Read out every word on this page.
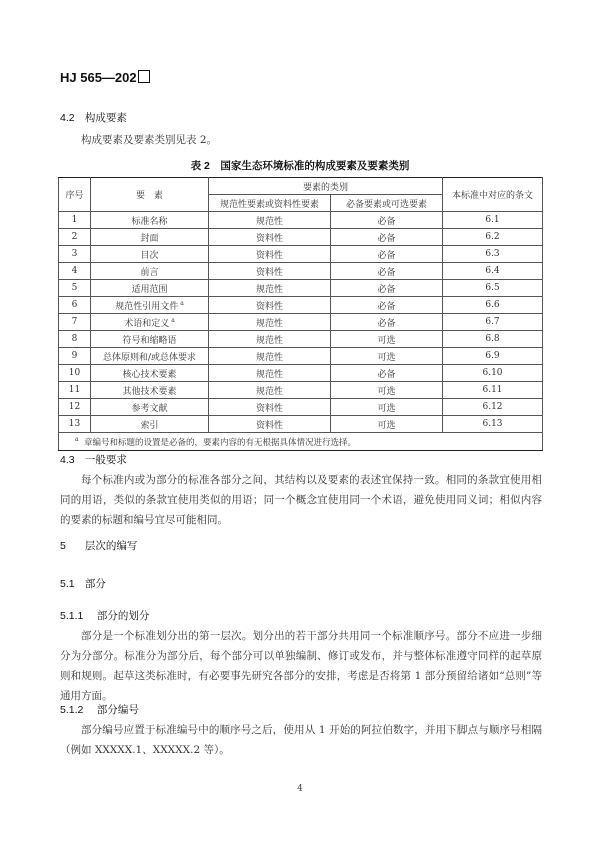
HJ 565—202
4.2 构成要素
构成要素及要素类别见表 2。
表 2　国家生态环境标准的构成要素及要素类别
序号	要　素	要素的类别		本标准中对应的条文
		规范性要素或资料性要素	必备要素或可选要素	
1	标准名称	规范性	必备	6.1
2	封面	资料性	必备	6.2
3	目次	资料性	必备	6.3
4	前言	资料性	必备	6.4
5	适用范围	规范性	必备	6.5
6	规范性引用文件 $^a$	资料性	必备	6.6
7	术语和定义 $^a$	规范性	必备	6.7
8	符号和缩略语	规范性	可选	6.8
9	总体原则和/或总体要求	规范性	可选	6.9
10	核心技术要素	规范性	必备	6.10
11	其他技术要素	规范性	可选	6.11
12	参考文献	资料性	可选	6.12
13	索引	资料性	可选	6.13
$^a$ 章编号和标题的设置是必备的，要素内容的有无根据具体情况进行选择。				
4.3 一般要求
每个标准内或为部分的标准各部分之间，其结构以及要素的表述宜保持一致。相同的条款宜使用相同的用语，类似的条款宜使用类似的用语；同一个概念宜使用同一个术语，避免使用同义词；相似内容的要素的标题和编号宜尽可能相同。
5 层次的编写
5.1 部分
5.1.1 部分的划分
部分是一个标准划分出的第一层次。划分出的若干部分共用同一个标准顺序号。部分不应进一步细分为分部分。标准分为部分后，每个部分可以单独编制、修订或发布，并与整体标准遵守同样的起草原则和规则。起草这类标准时，有必要事先研究各部分的安排，考虑是否将第 1 部分预留给诸如“总则”等通用方面。
5.1.2 部分编号
部分编号应置于标准编号中的顺序号之后，使用从 1 开始的阿拉伯数字，并用下脚点与顺序号相隔（例如 XXXXX.1、XXXXX.2 等）。
4
